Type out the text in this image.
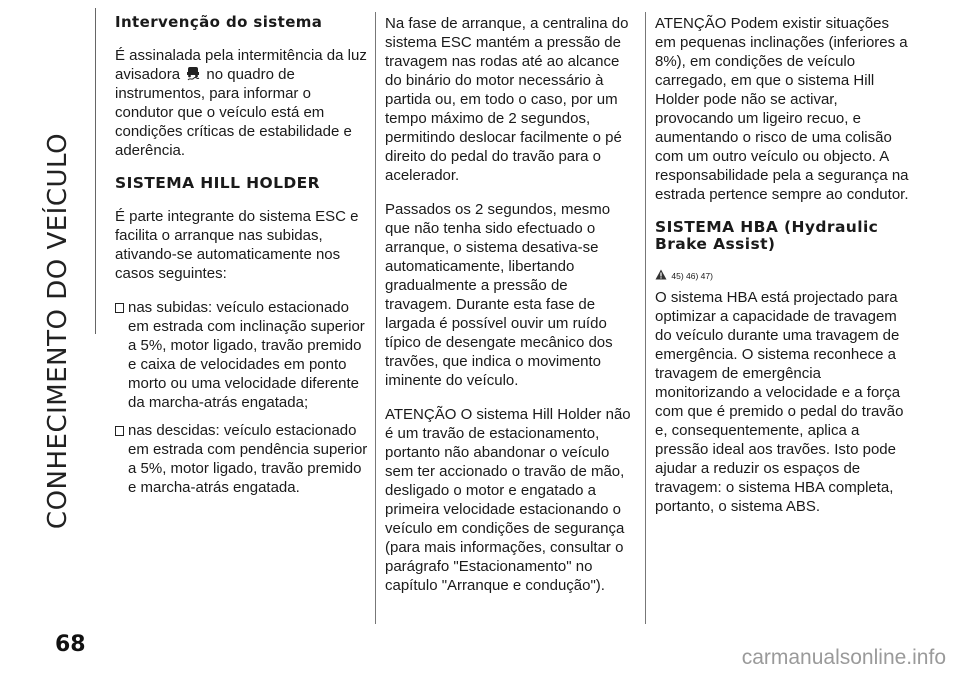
CONHECIMENTO DO VEÍCULO
68
Intervenção do sistema

É assinalada pela intermitência da luz avisadora no quadro de instrumentos, para informar o condutor que o veículo está em condições críticas de estabilidade e aderência.

SISTEMA HILL HOLDER

É parte integrante do sistema ESC e facilita o arranque nas subidas, ativando-se automaticamente nos casos seguintes:

nas subidas: veículo estacionado em estrada com inclinação superior a 5%, motor ligado, travão premido e caixa de velocidades em ponto morto ou uma velocidade diferente da marcha-atrás engatada;
nas descidas: veículo estacionado em estrada com pendência superior a 5%, motor ligado, travão premido e marcha-atrás engatada.

Na fase de arranque, a centralina do sistema ESC mantém a pressão de travagem nas rodas até ao alcance do binário do motor necessário à partida ou, em todo o caso, por um tempo máximo de 2 segundos, permitindo deslocar facilmente o pé direito do pedal do travão para o acelerador.

Passados os 2 segundos, mesmo que não tenha sido efectuado o arranque, o sistema desativa-se automaticamente, libertando gradualmente a pressão de travagem. Durante esta fase de largada é possível ouvir um ruído típico de desengate mecânico dos travões, que indica o movimento iminente do veículo.

ATENÇÃO O sistema Hill Holder não é um travão de estacionamento, portanto não abandonar o veículo sem ter accionado o travão de mão, desligado o motor e engatado a primeira velocidade estacionando o veículo em condições de segurança (para mais informações, consultar o parágrafo "Estacionamento" no capítulo "Arranque e condução").

ATENÇÃO Podem existir situações em pequenas inclinações (inferiores a 8%), em condições de veículo carregado, em que o sistema Hill Holder pode não se activar, provocando um ligeiro recuo, e aumentando o risco de uma colisão com um outro veículo ou objecto. A responsabilidade pela a segurança na estrada pertence sempre ao condutor.

SISTEMA HBA (Hydraulic Brake Assist)
45) 46) 47)

O sistema HBA está projectado para optimizar a capacidade de travagem do veículo durante uma travagem de emergência. O sistema reconhece a travagem de emergência monitorizando a velocidade e a força com que é premido o pedal do travão e, consequentemente, aplica a pressão ideal aos travões. Isto pode ajudar a reduzir os espaços de travagem: o sistema HBA completa, portanto, o sistema ABS.

carmanualsonline.info
